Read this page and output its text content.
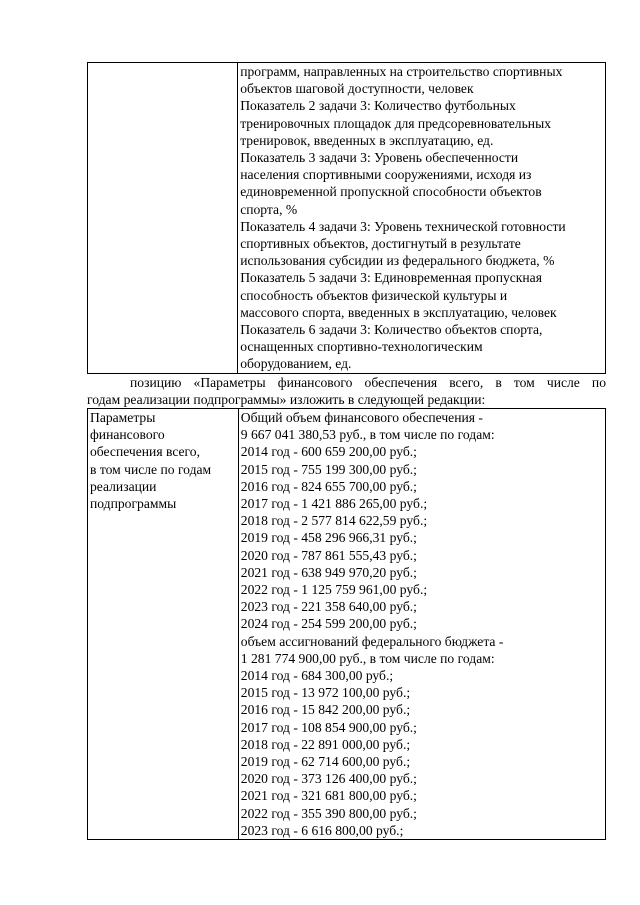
программ, направленных на строительство спортивных
объектов шаговой доступности, человек
Показатель 2 задачи 3: Количество футбольных
тренировочных площадок для предсоревновательных
тренировок, введенных в эксплуатацию, ед.
Показатель 3 задачи 3: Уровень обеспеченности
населения спортивными сооружениями, исходя из
единовременной пропускной способности объектов
спорта, %
Показатель 4 задачи 3: Уровень технической готовности
спортивных объектов, достигнутый в результате
использования субсидии из федерального бюджета, %
Показатель 5 задачи 3: Единовременная пропускная
способность объектов физической культуры и
массового спорта, введенных в эксплуатацию, человек
Показатель 6 задачи 3: Количество объектов спорта,
оснащенных спортивно-технологическим
оборудованием, ед.
позицию «Параметры финансового обеспечения всего, в том числе по
годам реализации подпрограммы» изложить в следующей редакции:
Параметры
финансового
обеспечения всего,
в том числе по годам
реализации
подпрограммы

Общий объем финансового обеспечения -
9 667 041 380,53 руб., в том числе по годам:
2014 год - 600 659 200,00 руб.;
2015 год - 755 199 300,00 руб.;
2016 год - 824 655 700,00 руб.;
2017 год - 1 421 886 265,00 руб.;
2018 год - 2 577 814 622,59 руб.;
2019 год - 458 296 966,31 руб.;
2020 год - 787 861 555,43 руб.;
2021 год - 638 949 970,20 руб.;
2022 год - 1 125 759 961,00 руб.;
2023 год - 221 358 640,00 руб.;
2024 год - 254 599 200,00 руб.;
объем ассигнований федерального бюджета -
1 281 774 900,00 руб., в том числе по годам:
2014 год - 684 300,00 руб.;
2015 год - 13 972 100,00 руб.;
2016 год - 15 842 200,00 руб.;
2017 год - 108 854 900,00 руб.;
2018 год - 22 891 000,00 руб.;
2019 год - 62 714 600,00 руб.;
2020 год - 373 126 400,00 руб.;
2021 год - 321 681 800,00 руб.;
2022 год - 355 390 800,00 руб.;
2023 год - 6 616 800,00 руб.;
